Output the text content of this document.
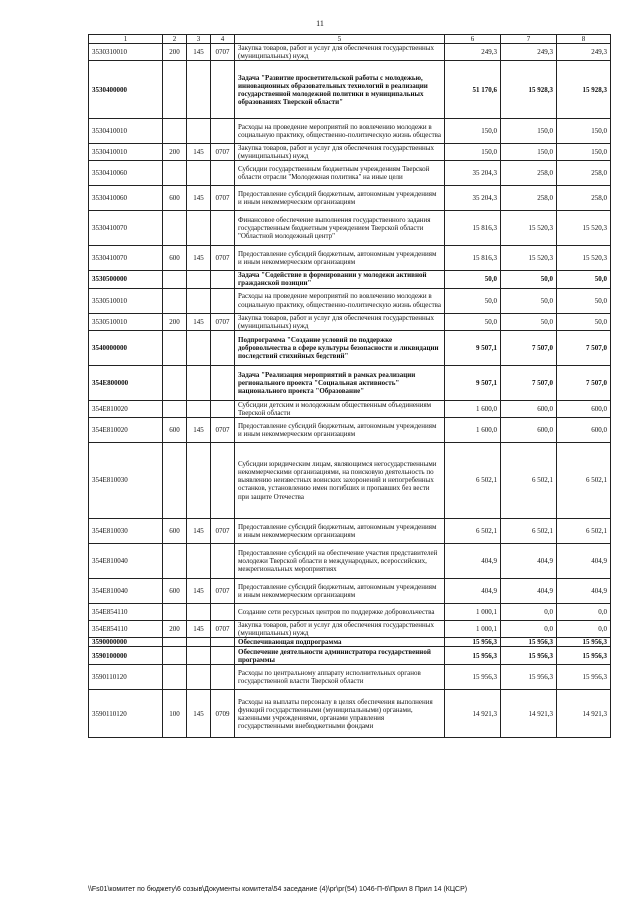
11
1	2	3	4	5	6	7	8
3530310010	200	145	0707	Закупка товаров, работ и услуг для обеспечения государственных (муниципальных) нужд	249,3	249,3	249,3
3530400000				Задача "Развитие просветительской работы с молодежью, инновационных образовательных технологий в реализации государственной молодежной политики в муниципальных образованиях Тверской области"	51 170,6	15 928,3	15 928,3
3530410010				Расходы на проведение мероприятий по вовлечению молодежи в социальную практику, общественно-политическую жизнь общества	150,0	150,0	150,0
3530410010	200	145	0707	Закупка товаров, работ и услуг для обеспечения государственных (муниципальных) нужд	150,0	150,0	150,0
3530410060				Субсидии государственным бюджетным учреждениям Тверской области отрасли "Молодежная политика" на иные цели	35 204,3	258,0	258,0
3530410060	600	145	0707	Предоставление субсидий бюджетным, автономным учреждениям и иным некоммерческим организациям	35 204,3	258,0	258,0
3530410070				Финансовое обеспечение выполнения государственного задания государственным бюджетным учреждением Тверской области "Областной молодежный центр"	15 816,3	15 520,3	15 520,3
3530410070	600	145	0707	Предоставление субсидий бюджетным, автономным учреждениям и иным некоммерческим организациям	15 816,3	15 520,3	15 520,3
3530500000				Задача "Содействие в формировании у молодежи активной гражданской позиции"	50,0	50,0	50,0
3530510010				Расходы на проведение мероприятий по вовлечению молодежи в социальную практику, общественно-политическую жизнь общества	50,0	50,0	50,0
3530510010	200	145	0707	Закупка товаров, работ и услуг для обеспечения государственных (муниципальных) нужд	50,0	50,0	50,0
3540000000				Подпрограмма "Создание условий по поддержке добровольчества в сфере культуры безопасности и ликвидации последствий стихийных бедствий"	9 507,1	7 507,0	7 507,0
354E800000				Задача "Реализация мероприятий в рамках реализации регионального проекта "Социальная активность" национального проекта "Образование"	9 507,1	7 507,0	7 507,0
354E810020				Субсидии детским и молодежным общественным объединениям Тверской области	1 600,0	600,0	600,0
354E810020	600	145	0707	Предоставление субсидий бюджетным, автономным учреждениям и иным некоммерческим организациям	1 600,0	600,0	600,0
354E810030				Субсидии юридическим лицам, являющимся негосударственными некоммерческими организациями, на поисковую деятельность по выявлению неизвестных воинских захоронений и непогребенных останков, установлению имен погибших и пропавших без вести при защите Отечества	6 502,1	6 502,1	6 502,1
354E810030	600	145	0707	Предоставление субсидий бюджетным, автономным учреждениям и иным некоммерческим организациям	6 502,1	6 502,1	6 502,1
354E810040				Предоставление субсидий на обеспечение участия представителей молодежи Тверской области в международных, всероссийских, межрегиональных мероприятиях	404,9	404,9	404,9
354E810040	600	145	0707	Предоставление субсидий бюджетным, автономным учреждениям и иным некоммерческим организациям	404,9	404,9	404,9
354E854110				Создание сети ресурсных центров по поддержке добровольчества	1 000,1	0,0	0,0
354E854110	200	145	0707	Закупка товаров, работ и услуг для обеспечения государственных (муниципальных) нужд	1 000,1	0,0	0,0
3590000000				Обеспечивающая подпрограмма	15 956,3	15 956,3	15 956,3
3590100000				Обеспечение деятельности администратора государственной программы	15 956,3	15 956,3	15 956,3
3590110120				Расходы по центральному аппарату исполнительных органов государственной власти Тверской области	15 956,3	15 956,3	15 956,3
3590110120	100	145	0709	Расходы на выплаты персоналу в целях обеспечения выполнения функций государственными (муниципальными) органами, казенными учреждениями, органами управления государственными внебюджетными фондами	14 921,3	14 921,3	14 921,3
\\Fs01\комитет по бюджету\6 созыв\Документы комитета\54 заседание (4)\рг\рг(54) 1046-П-6\Прил 8 Прил 14 (КЦСР)
